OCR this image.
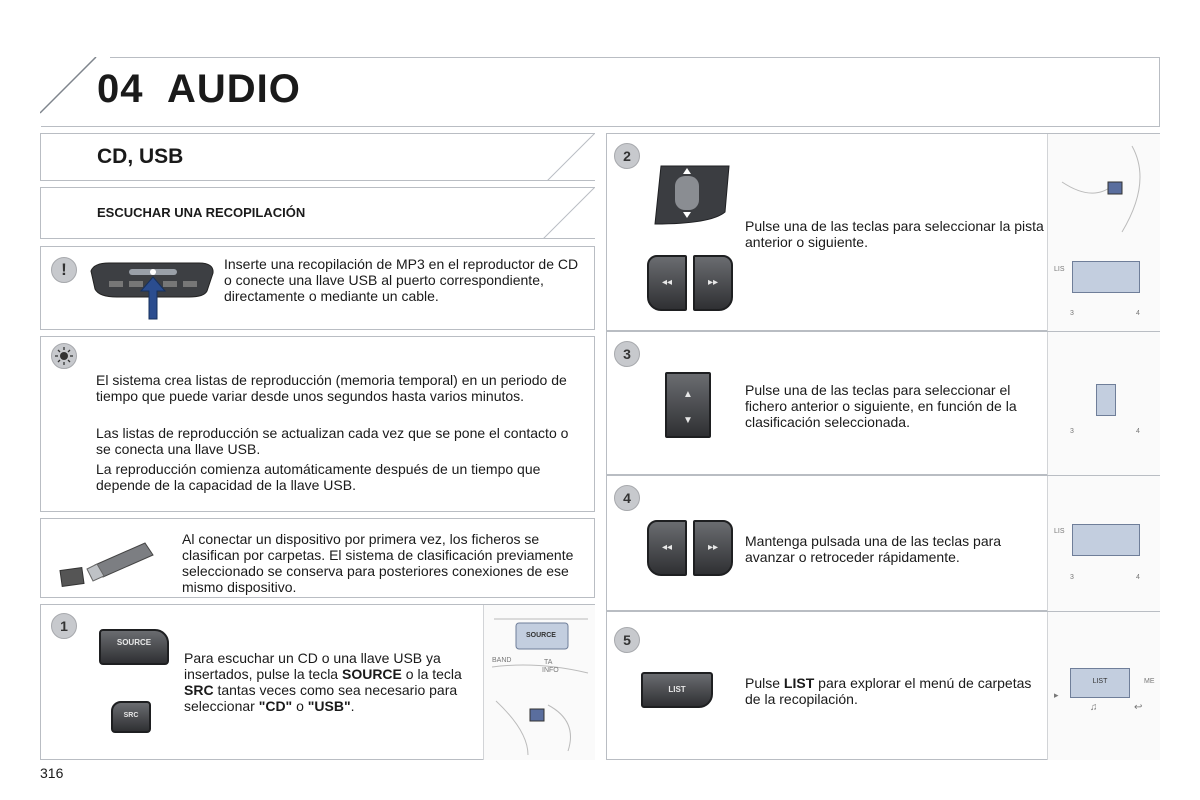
04 AUDIO
CD, USB
ESCUCHAR UNA RECOPILACIÓN
!	Inserte una recopilación de MP3 en el reproductor de CD o conecte una llave USB al puerto correspondiente, directamente o mediante un cable.
El sistema crea listas de reproducción (memoria temporal) en un periodo de tiempo que puede variar desde unos segundos hasta varios minutos.
Las listas de reproducción se actualizan cada vez que se pone el contacto o se conecta una llave USB.
La reproducción comienza automáticamente después de un tiempo que depende de la capacidad de la llave USB.
Al conectar un dispositivo por primera vez, los ficheros se clasifican por carpetas. El sistema de clasificación previamente seleccionado se conserva para posteriores conexiones de ese mismo dispositivo.
1
SOURCE
SRC
Para escuchar un CD o una llave USB ya insertados, pulse la tecla SOURCE o la tecla SRC tantas veces como sea necesario para seleccionar "CD" o "USB".
SOURCE
BAND	TA
INFO
2
◂◂	▸▸
Pulse una de las teclas para seleccionar la pista anterior o siguiente.
LIS
3	4
3
▲
▼
Pulse una de las teclas para seleccionar el fichero anterior o siguiente, en función de la clasificación seleccionada.
3	4
4
◂◂	▸▸	Mantenga pulsada una de las teclas para avanzar o retroceder rápidamente.
LIS
3	4
5
LIST	Pulse LIST para explorar el menú de carpetas de la recopilación.
LIST	ME
▸
♫	↩
316
